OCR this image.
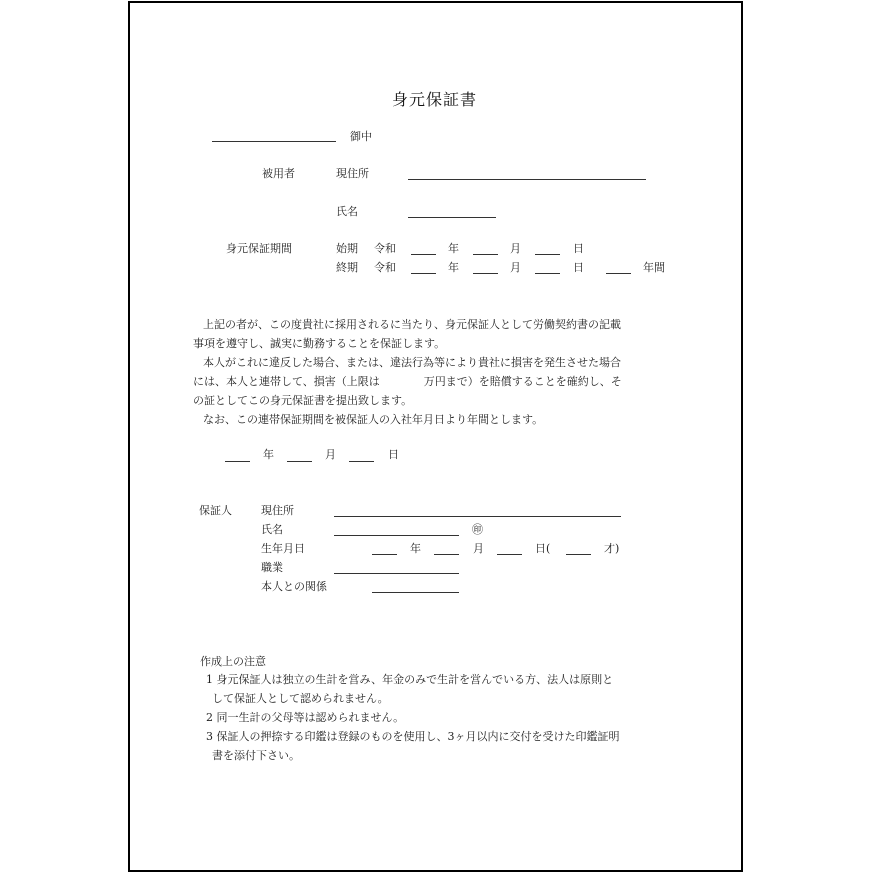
身元保証書
御中
被用者	現住所
氏名
身元保証期間	始期 令和	年	月	日
終期 令和	年	月	日	年間
上記の者が、この度貴社に採用されるに当たり、身元保証人として労働契約書の記載
事項を遵守し、誠実に勤務することを保証します。
本人がこれに違反した場合、または、違法行為等により貴社に損害を発生させた場合
には、本人と連帯して、損害（上限は　　　　万円まで）を賠償することを確約し、そ
の証としてこの身元保証書を提出致します。
なお、この連帯保証期間を被保証人の入社年月日より年間とします。
年	月	日
保証人	現住所
氏名	㊞
生年月日	年	月	日(	才)
職業
本人との関係
作成上の注意
1 身元保証人は独立の生計を営み、年金のみで生計を営んでいる方、法人は原則と
して保証人として認められません。
2 同一生計の父母等は認められません。
3 保証人の押捺する印鑑は登録のものを使用し、3ヶ月以内に交付を受けた印鑑証明
書を添付下さい。
